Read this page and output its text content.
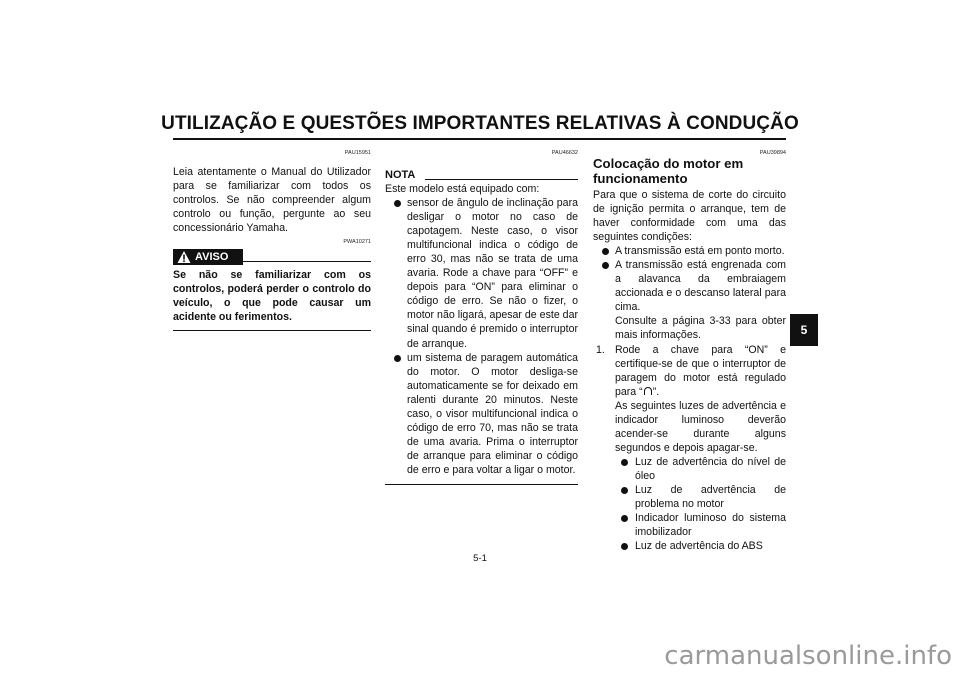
UTILIZAÇÃO E QUESTÕES IMPORTANTES RELATIVAS À CONDUÇÃO
PAU15951

Leia atentamente o Manual do Utilizador para se familiarizar com todos os controlos. Se não compreender algum controlo ou função, pergunte ao seu concessionário Yamaha.

PWA10271
AVISO

Se não se familiarizar com os controlos, poderá perder o controlo do veículo, o que pode causar um acidente ou ferimentos.

PAU46632
NOTA

Este modelo está equipado com:

sensor de ângulo de inclinação para desligar o motor no caso de capotagem. Neste caso, o visor multifuncional indica o código de erro 30, mas não se trata de uma avaria. Rode a chave para “OFF” e depois para “ON” para eliminar o código de erro. Se não o fizer, o motor não ligará, apesar de este dar sinal quando é premido o interruptor de arranque.
um sistema de paragem automática do motor. O motor desliga-se automaticamente se for deixado em ralenti durante 20 minutos. Neste caso, o visor multifuncional indica o código de erro 70, mas não se trata de uma avaria. Prima o interruptor de arranque para eliminar o código de erro e para voltar a ligar o motor.
PAU39894
Colocação do motor em funcionamento

Para que o sistema de corte do circuito de ignição permita o arranque, tem de haver conformidade com uma das seguintes condições:

A transmissão está em ponto morto.
A transmissão está engrenada com a alavanca da embraiagem accionada e o descanso lateral para cima.
Consulte a página 3-33 para obter mais informações.
1. Rode a chave para “ON” e certifique-se de que o interruptor de paragem do motor está regulado para “ ”.
As seguintes luzes de advertência e indicador luminoso deverão acender-se durante alguns segundos e depois apagar-se.
Luz de advertência do nível de óleo
Luz de advertência de problema no motor
Indicador luminoso do sistema imobilizador
Luz de advertência do ABS
5
5-1
carmanualsonline.info
